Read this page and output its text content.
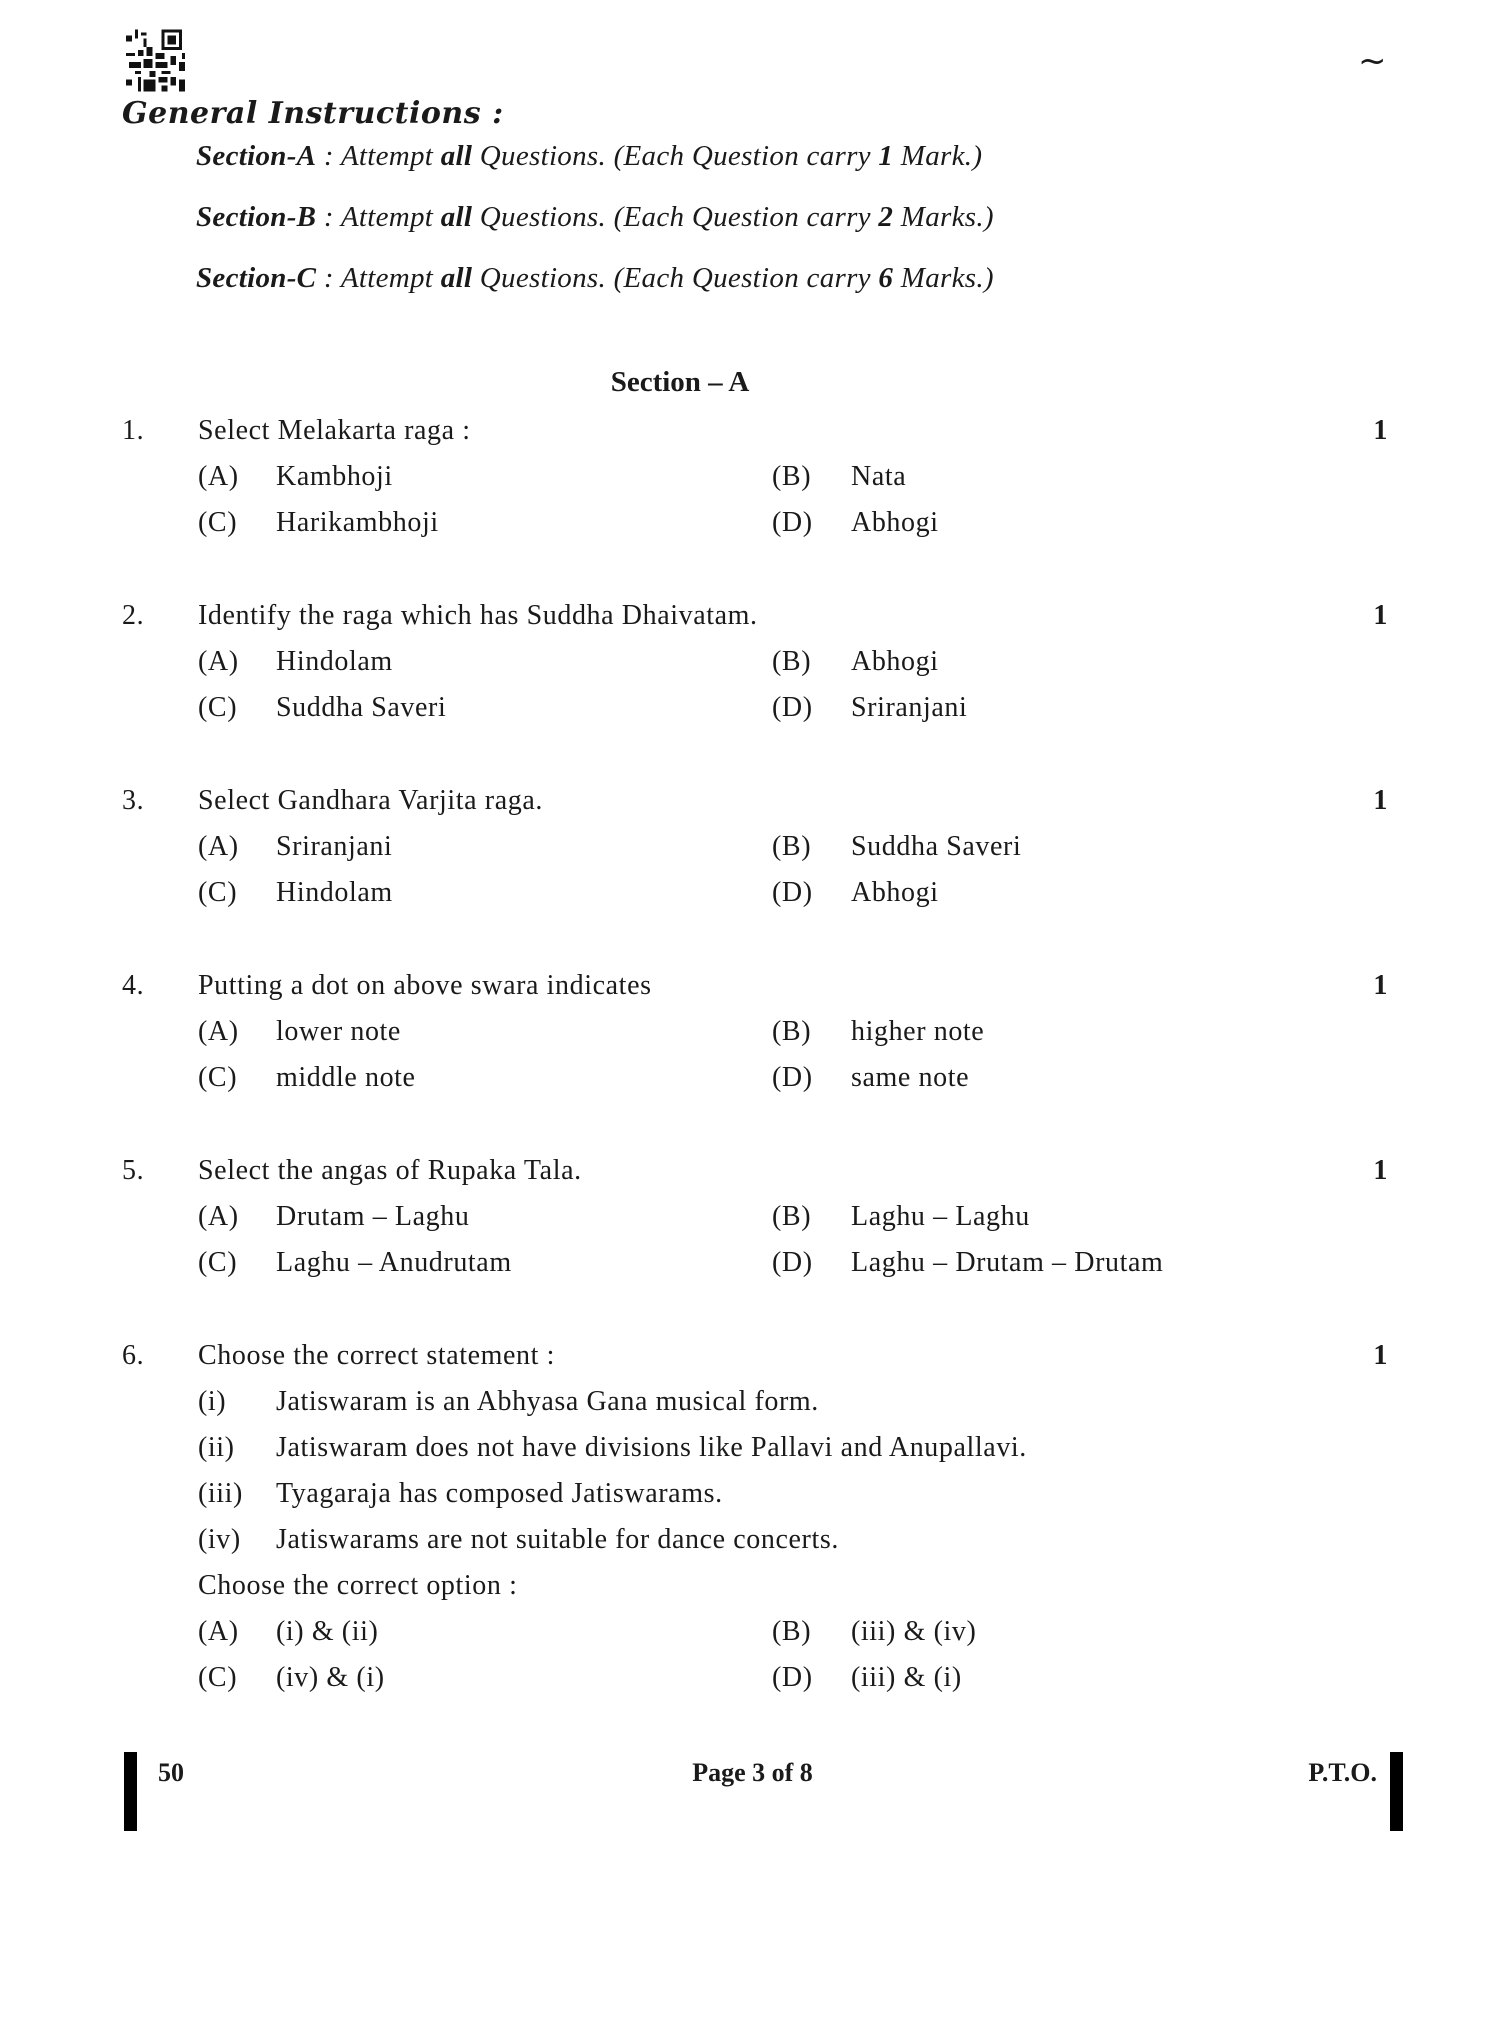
~
General Instructions :
Section-A : Attempt all Questions. (Each Question carry 1 Mark.)
Section-B : Attempt all Questions. (Each Question carry 2 Marks.)
Section-C : Attempt all Questions. (Each Question carry 6 Marks.)
Section – A
1. Select Melakarta raga :	1
(A) Kambhoji	(B) Nata
(C) Harikambhoji	(D) Abhogi
2. Identify the raga which has Suddha Dhaivatam.	1
(A) Hindolam	(B) Abhogi
(C) Suddha Saveri	(D) Sriranjani
3. Select Gandhara Varjita raga.	1
(A) Sriranjani	(B) Suddha Saveri
(C) Hindolam	(D) Abhogi
4. Putting a dot on above swara indicates	1
(A) lower note	(B) higher note
(C) middle note	(D) same note
5. Select the angas of Rupaka Tala.	1
(A) Drutam – Laghu	(B) Laghu – Laghu
(C) Laghu – Anudrutam	(D) Laghu – Drutam – Drutam
6. Choose the correct statement :	1
(i) Jatiswaram is an Abhyasa Gana musical form.
(ii) Jatiswaram does not have divisions like Pallavi and Anupallavi.
(iii) Tyagaraja has composed Jatiswarams.
(iv) Jatiswarams are not suitable for dance concerts.
Choose the correct option :
(A) (i) & (ii)	(B) (iii) & (iv)
(C) (iv) & (i)	(D) (iii) & (i)
50	Page 3 of 8	P.T.O.
